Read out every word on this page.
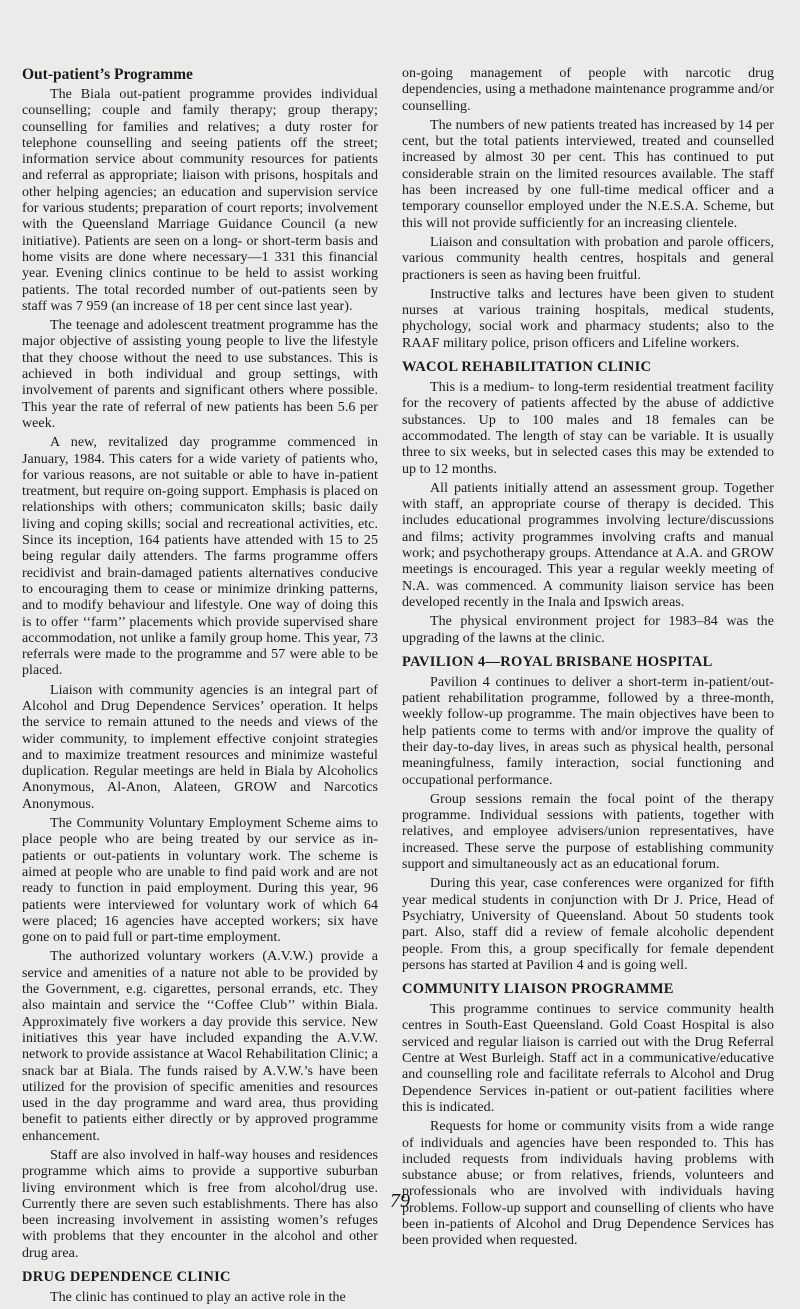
Out-patient’s Programme

The Biala out-patient programme provides individual counselling; couple and family therapy; group therapy; counselling for families and relatives; a duty roster for telephone counselling and seeing patients off the street; information service about community resources for patients and referral as appropriate; liaison with prisons, hospitals and other helping agencies; an education and supervision service for various students; preparation of court reports; involvement with the Queensland Marriage Guidance Council (a new initiative). Patients are seen on a long- or short-term basis and home visits are done where necessary—1 331 this financial year. Evening clinics continue to be held to assist working patients. The total recorded number of out-patients seen by staff was 7 959 (an increase of 18 per cent since last year).

The teenage and adolescent treatment programme has the major objective of assisting young people to live the lifestyle that they choose without the need to use substances. This is achieved in both individual and group settings, with involvement of parents and significant others where possible. This year the rate of referral of new patients has been 5.6 per week.

A new, revitalized day programme commenced in January, 1984. This caters for a wide variety of patients who, for various reasons, are not suitable or able to have in-patient treatment, but require on-going support. Emphasis is placed on relationships with others; communicaton skills; basic daily living and coping skills; social and recreational activities, etc. Since its inception, 164 patients have attended with 15 to 25 being regular daily attenders. The farms programme offers recidivist and brain-damaged patients alternatives conducive to encouraging them to cease or minimize drinking patterns, and to modify behaviour and lifestyle. One way of doing this is to offer ‘‘farm’’ placements which provide supervised share accommodation, not unlike a family group home. This year, 73 referrals were made to the programme and 57 were able to be placed.

Liaison with community agencies is an integral part of Alcohol and Drug Dependence Services’ operation. It helps the service to remain attuned to the needs and views of the wider community, to implement effective conjoint strategies and to maximize treatment resources and minimize wasteful duplication. Regular meetings are held in Biala by Alcoholics Anonymous, Al-Anon, Alateen, GROW and Narcotics Anonymous.

The Community Voluntary Employment Scheme aims to place people who are being treated by our service as in-patients or out-patients in voluntary work. The scheme is aimed at people who are unable to find paid work and are not ready to function in paid employment. During this year, 96 patients were interviewed for voluntary work of which 64 were placed; 16 agencies have accepted workers; six have gone on to paid full or part-time employment.

The authorized voluntary workers (A.V.W.) provide a service and amenities of a nature not able to be provided by the Government, e.g. cigarettes, personal errands, etc. They also maintain and service the ‘‘Coffee Club’’ within Biala. Approximately five workers a day provide this service. New initiatives this year have included expanding the A.V.W. network to provide assistance at Wacol Rehabilitation Clinic; a snack bar at Biala. The funds raised by A.V.W.’s have been utilized for the provision of specific amenities and resources used in the day programme and ward area, thus providing benefit to patients either directly or by approved programme enhancement.

Staff are also involved in half-way houses and residences programme which aims to provide a supportive suburban living environment which is free from alcohol/drug use. Currently there are seven such establishments. There has also been increasing involvement in assisting women’s refuges with problems that they encounter in the alcohol and other drug area.

DRUG DEPENDENCE CLINIC

The clinic has continued to play an active role in the

on-going management of people with narcotic drug dependencies, using a methadone maintenance programme and/or counselling.

The numbers of new patients treated has increased by 14 per cent, but the total patients interviewed, treated and counselled increased by almost 30 per cent. This has continued to put considerable strain on the limited resources available. The staff has been increased by one full-time medical officer and a temporary counsellor employed under the N.E.S.A. Scheme, but this will not provide sufficiently for an increasing clientele.

Liaison and consultation with probation and parole officers, various community health centres, hospitals and general practioners is seen as having been fruitful.

Instructive talks and lectures have been given to student nurses at various training hospitals, medical students, phychology, social work and pharmacy students; also to the RAAF military police, prison officers and Lifeline workers.

WACOL REHABILITATION CLINIC

This is a medium- to long-term residential treatment facility for the recovery of patients affected by the abuse of addictive substances. Up to 100 males and 18 females can be accommodated. The length of stay can be variable. It is usually three to six weeks, but in selected cases this may be extended to up to 12 months.

All patients initially attend an assessment group. Together with staff, an appropriate course of therapy is decided. This includes educational programmes involving lecture/discussions and films; activity programmes involving crafts and manual work; and psychotherapy groups. Attendance at A.A. and GROW meetings is encouraged. This year a regular weekly meeting of N.A. was commenced. A community liaison service has been developed recently in the Inala and Ipswich areas.

The physical environment project for 1983–84 was the upgrading of the lawns at the clinic.

PAVILION 4—ROYAL BRISBANE HOSPITAL

Pavilion 4 continues to deliver a short-term in-patient/out-patient rehabilitation programme, followed by a three-month, weekly follow-up programme. The main objectives have been to help patients come to terms with and/or improve the quality of their day-to-day lives, in areas such as physical health, personal meaningfulness, family interaction, social functioning and occupational performance.

Group sessions remain the focal point of the therapy programme. Individual sessions with patients, together with relatives, and employee advisers/union representatives, have increased. These serve the purpose of establishing community support and simultaneously act as an educational forum.

During this year, case conferences were organized for fifth year medical students in conjunction with Dr J. Price, Head of Psychiatry, University of Queensland. About 50 students took part. Also, staff did a review of female alcoholic dependent people. From this, a group specifically for female dependent persons has started at Pavilion 4 and is going well.

COMMUNITY LIAISON PROGRAMME

This programme continues to service community health centres in South-East Queensland. Gold Coast Hospital is also serviced and regular liaison is carried out with the Drug Referral Centre at West Burleigh. Staff act in a communicative/educative and counselling role and facilitate referrals to Alcohol and Drug Dependence Services in-patient or out-patient facilities where this is indicated.

Requests for home or community visits from a wide range of individuals and agencies have been responded to. This has included requests from individuals having problems with substance abuse; or from relatives, friends, volunteers and professionals who are involved with individuals having problems. Follow-up support and counselling of clients who have been in-patients of Alcohol and Drug Dependence Services has been provided when requested.

79
